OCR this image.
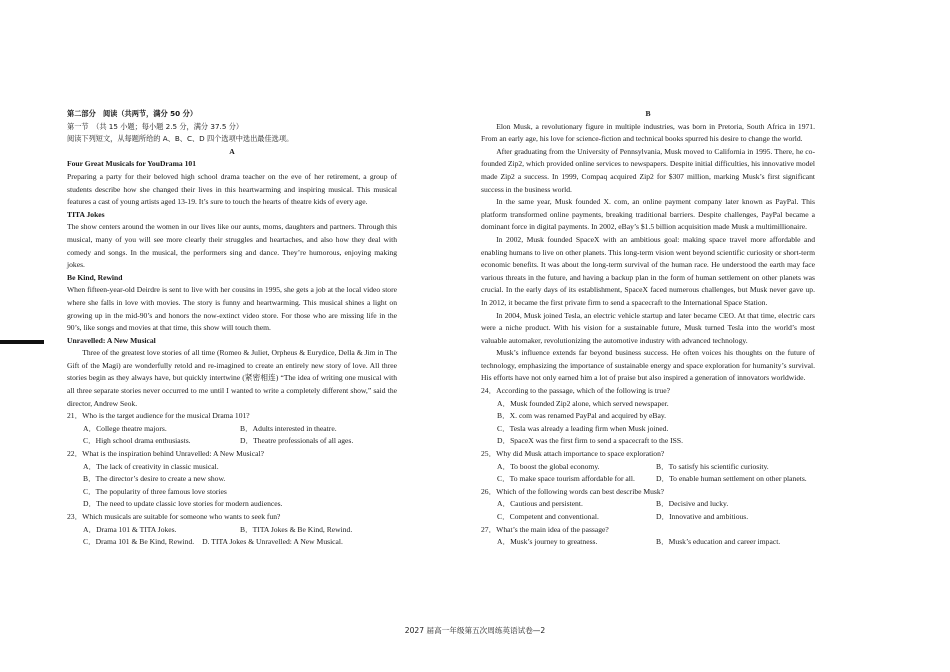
第二部分　阅读（共两节，满分 50 分）

第一节　（共 15 小题；每小题 2.5 分，满分 37.5 分）

阅读下列短文，从每题所给的 A、B、C、D 四个选项中选出最佳选项。

A

Four Great Musicals for YouDrama 101

Preparing a party for their beloved high school drama teacher on the eve of her retirement, a group of students describe how she changed their lives in this heartwarming and inspiring musical. This musical features a cast of young artists aged 13-19. It’s sure to touch the hearts of theatre kids of every age.

TITA Jokes

The show centers around the women in our lives like our aunts, moms, daughters and partners. Through this musical, many of you will see more clearly their struggles and heartaches, and also how they deal with comedy and songs. In the musical, the performers sing and dance. They’re humorous, enjoying making jokes.

Be Kind, Rewind

When fifteen-year-old Deirdre is sent to live with her cousins in 1995, she gets a job at the local video store where she falls in love with movies. The story is funny and heartwarming. This musical shines a light on growing up in the mid-90’s and honors the now-extinct video store. For those who are missing life in the 90’s, like songs and movies at that time, this show will touch them.

Unravelled: A New Musical

Three of the greatest love stories of all time (Romeo & Juliet, Orpheus & Eurydice, Della & Jim in The Gift of the Magi) are wonderfully retold and re-imagined to create an entirely new story of love. All three stories begin as they always have, but quickly intertwine (紧密相连) “The idea of writing one musical with all three separate stories never occurred to me until I wanted to write a completely different show,” said the director, Andrew Seok.

21．Who is the target audience for the musical Drama 101?

A．College theatre majors.	B．Adults interested in theatre.
C．High school drama enthusiasts.	D．Theatre professionals of all ages.

22．What is the inspiration behind Unravelled: A New Musical?

A．The lack of creativity in classic musical.

B．The director’s desire to create a new show.

C．The popularity of three famous love stories

D．The need to update classic love stories for modern audiences.

23．Which musicals are suitable for someone who wants to seek fun?

A．Drama 101 & TITA Jokes.	B．TITA Jokes & Be Kind, Rewind.
C．Drama 101 & Be Kind, Rewind. D. TITA Jokes & Unravelled: A New Musical.

B

Elon Musk, a revolutionary figure in multiple industries, was born in Pretoria, South Africa in 1971. From an early age, his love for science-fiction and technical books spurred his desire to change the world.

After graduating from the University of Pennsylvania, Musk moved to California in 1995. There, he co-founded Zip2, which provided online services to newspapers. Despite initial difficulties, his innovative model made Zip2 a success. In 1999, Compaq acquired Zip2 for $307 million, marking Musk’s first significant success in the business world.

In the same year, Musk founded X. com, an online payment company later known as PayPal. This platform transformed online payments, breaking traditional barriers. Despite challenges, PayPal became a dominant force in digital payments. In 2002, eBay’s $1.5 billion acquisition made Musk a multimillionaire.

In 2002, Musk founded SpaceX with an ambitious goal: making space travel more affordable and enabling humans to live on other planets. This long-term vision went beyond scientific curiosity or short-term economic benefits. It was about the long-term survival of the human race. He understood the earth may face various threats in the future, and having a backup plan in the form of human settlement on other planets was crucial. In the early days of its establishment, SpaceX faced numerous challenges, but Musk never gave up. In 2012, it became the first private firm to send a spacecraft to the International Space Station.

In 2004, Musk joined Tesla, an electric vehicle startup and later became CEO. At that time, electric cars were a niche product. With his vision for a sustainable future, Musk turned Tesla into the world’s most valuable automaker, revolutionizing the automotive industry with advanced technology.

Musk’s influence extends far beyond business success. He often voices his thoughts on the future of technology, emphasizing the importance of sustainable energy and space exploration for humanity’s survival. His efforts have not only earned him a lot of praise but also inspired a generation of innovators worldwide.

24．According to the passage, which of the following is true?

A．Musk founded Zip2 alone, which served newspaper.

B．X. com was renamed PayPal and acquired by eBay.

C．Tesla was already a leading firm when Musk joined.

D．SpaceX was the first firm to send a spacecraft to the ISS.

25．Why did Musk attach importance to space exploration?

A．To boost the global economy.	B．To satisfy his scientific curiosity.
C．To make space tourism affordable for all.	D．To enable human settlement on other planets.

26．Which of the following words can best describe Musk?

A．Cautious and persistent.	B．Decisive and lucky.
C．Competent and conventional.	D．Innovative and ambitious.

27．What’s the main idea of the passage?

A．Musk’s journey to greatness.	B．Musk’s education and career impact.
2027 届高一年级第五次周练英语试卷—2
